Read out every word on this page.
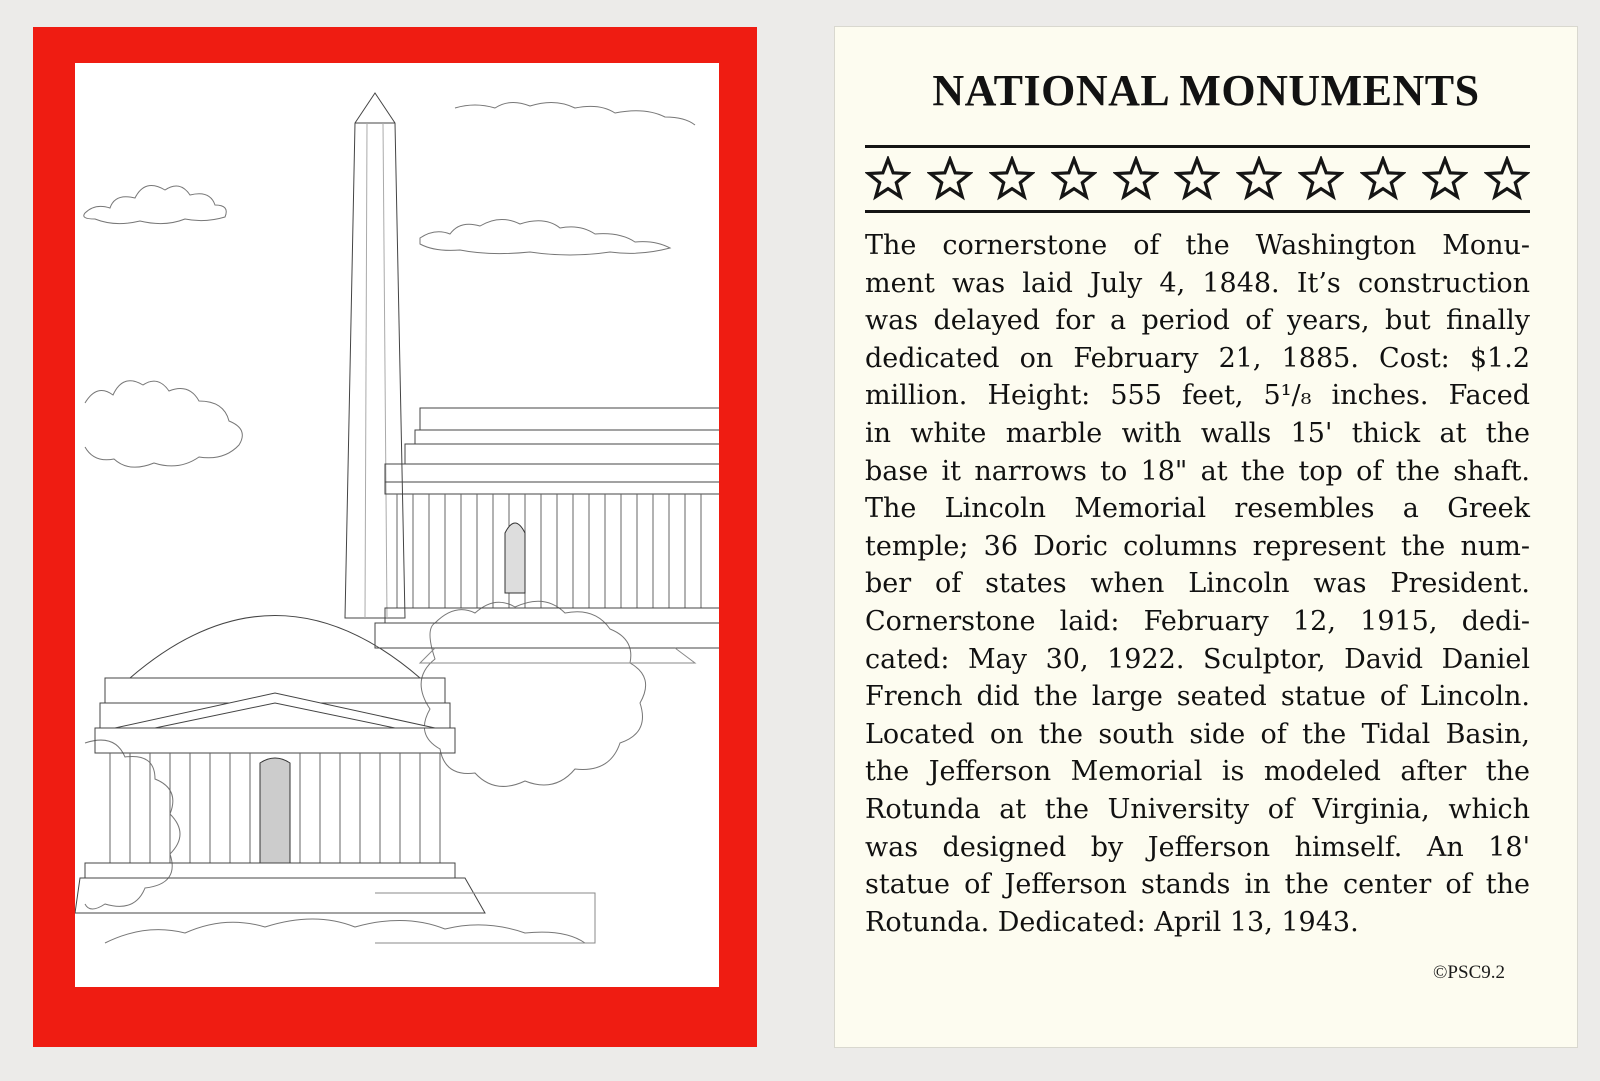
NATIONAL MONUMENTS

The cornerstone of the Washington Monu-
ment was laid July 4, 1848. It’s construction
was delayed for a period of years, but finally
dedicated on February 21, 1885. Cost: $1.2
million. Height: 555 feet, 5¹/₈ inches. Faced
in white marble with walls 15' thick at the
base it narrows to 18" at the top of the shaft.
The Lincoln Memorial resembles a Greek
temple; 36 Doric columns represent the num-
ber of states when Lincoln was President.
Cornerstone laid: February 12, 1915, dedi-
cated: May 30, 1922. Sculptor, David Daniel
French did the large seated statue of Lincoln.
Located on the south side of the Tidal Basin,
the Jefferson Memorial is modeled after the
Rotunda at the University of Virginia, which
was designed by Jefferson himself. An 18'
statue of Jefferson stands in the center of the
Rotunda. Dedicated: April 13, 1943.

©PSC9.2
